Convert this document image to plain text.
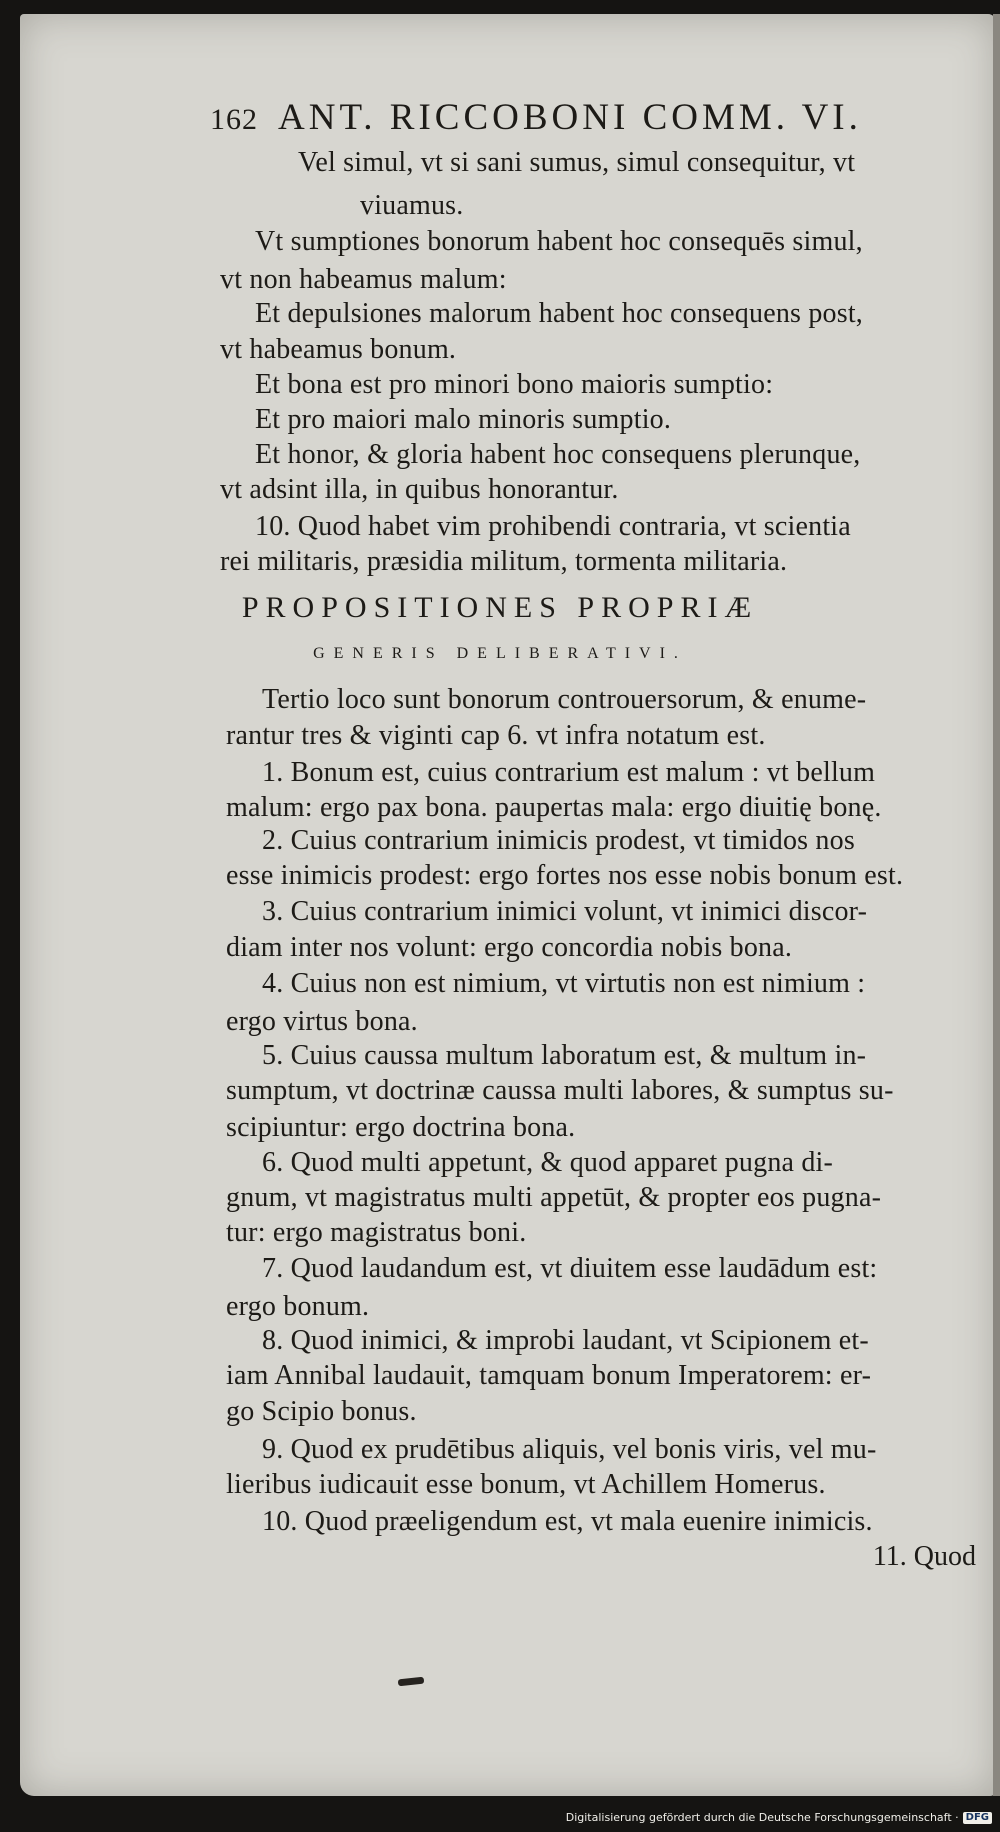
162 ANT. RICCOBONI COMM. VI.
Vel simul, vt si sani sumus, simul consequitur, vt
viuamus.
Vt sumptiones bonorum habent hoc consequēs simul,
vt non habeamus malum:
Et depulsiones malorum habent hoc consequens post,
vt habeamus bonum.
Et bona est pro minori bono maioris sumptio:
Et pro maiori malo minoris sumptio.
Et honor, & gloria habent hoc consequens plerunque,
vt adsint illa, in quibus honorantur.
10. Quod habet vim prohibendi contraria, vt scientia
rei militaris, præsidia militum, tormenta militaria.
PROPOSITIONES PROPRIÆ
GENERIS DELIBERATIVI.
Tertio loco sunt bonorum controuersorum, & enume-
rantur tres & viginti cap 6. vt infra notatum est.
1. Bonum est, cuius contrarium est malum : vt bellum
malum: ergo pax bona. paupertas mala: ergo diuitię bonę.
2. Cuius contrarium inimicis prodest, vt timidos nos
esse inimicis prodest: ergo fortes nos esse nobis bonum est.
3. Cuius contrarium inimici volunt, vt inimici discor-
diam inter nos volunt: ergo concordia nobis bona.
4. Cuius non est nimium, vt virtutis non est nimium :
ergo virtus bona.
5. Cuius caussa multum laboratum est, & multum in-
sumptum, vt doctrinæ caussa multi labores, & sumptus su-
scipiuntur: ergo doctrina bona.
6. Quod multi appetunt, & quod apparet pugna di-
gnum, vt magistratus multi appetūt, & propter eos pugna-
tur: ergo magistratus boni.
7. Quod laudandum est, vt diuitem esse laudādum est:
ergo bonum.
8. Quod inimici, & improbi laudant, vt Scipionem et-
iam Annibal laudauit, tamquam bonum Imperatorem: er-
go Scipio bonus.
9. Quod ex prudētibus aliquis, vel bonis viris, vel mu-
lieribus iudicauit esse bonum, vt Achillem Homerus.
10. Quod præeligendum est, vt mala euenire inimicis.
11. Quod
Digitalisierung gefördert durch die Deutsche Forschungsgemeinschaft · DFG
